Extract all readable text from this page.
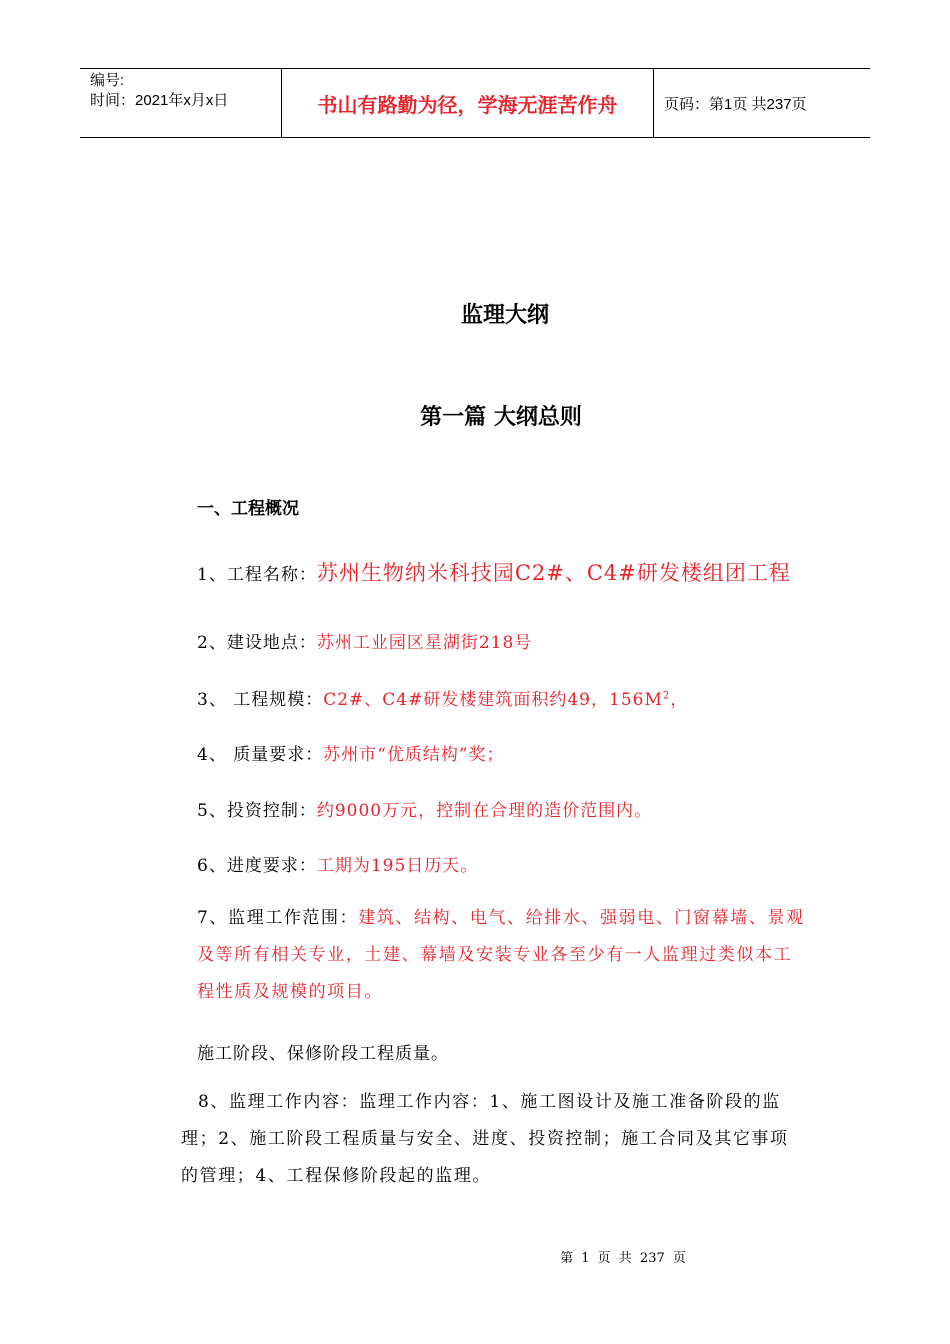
编号:
时间：2021年x月x日	书山有路勤为径，学海无涯苦作舟	页码：第1页 共237页
监理大纲
第一篇 大纲总则
一、工程概况
1、工程名称：苏州生物纳米科技园C2#、C4#研发楼组团工程
2、建设地点：苏州工业园区星湖街218号
3、 工程规模：C2#、C4#研发楼建筑面积约49，$156M^2$，
4、 质量要求：苏州市“优质结构”奖；
5、投资控制：约9000万元，控制在合理的造价范围内。
6、进度要求：工期为195日历天。
7、监理工作范围：建筑、结构、电气、给排水、强弱电、门窗幕墙、景观及等所有相关专业，土建、幕墙及安装专业各至少有一人监理过类似本工程性质及规模的项目。
施工阶段、保修阶段工程质量。
8、监理工作内容：监理工作内容：1、施工图设计及施工准备阶段的监理；2、施工阶段工程质量与安全、进度、投资控制；施工合同及其它事项的管理；4、工程保修阶段起的监理。
第 1 页 共 237 页
